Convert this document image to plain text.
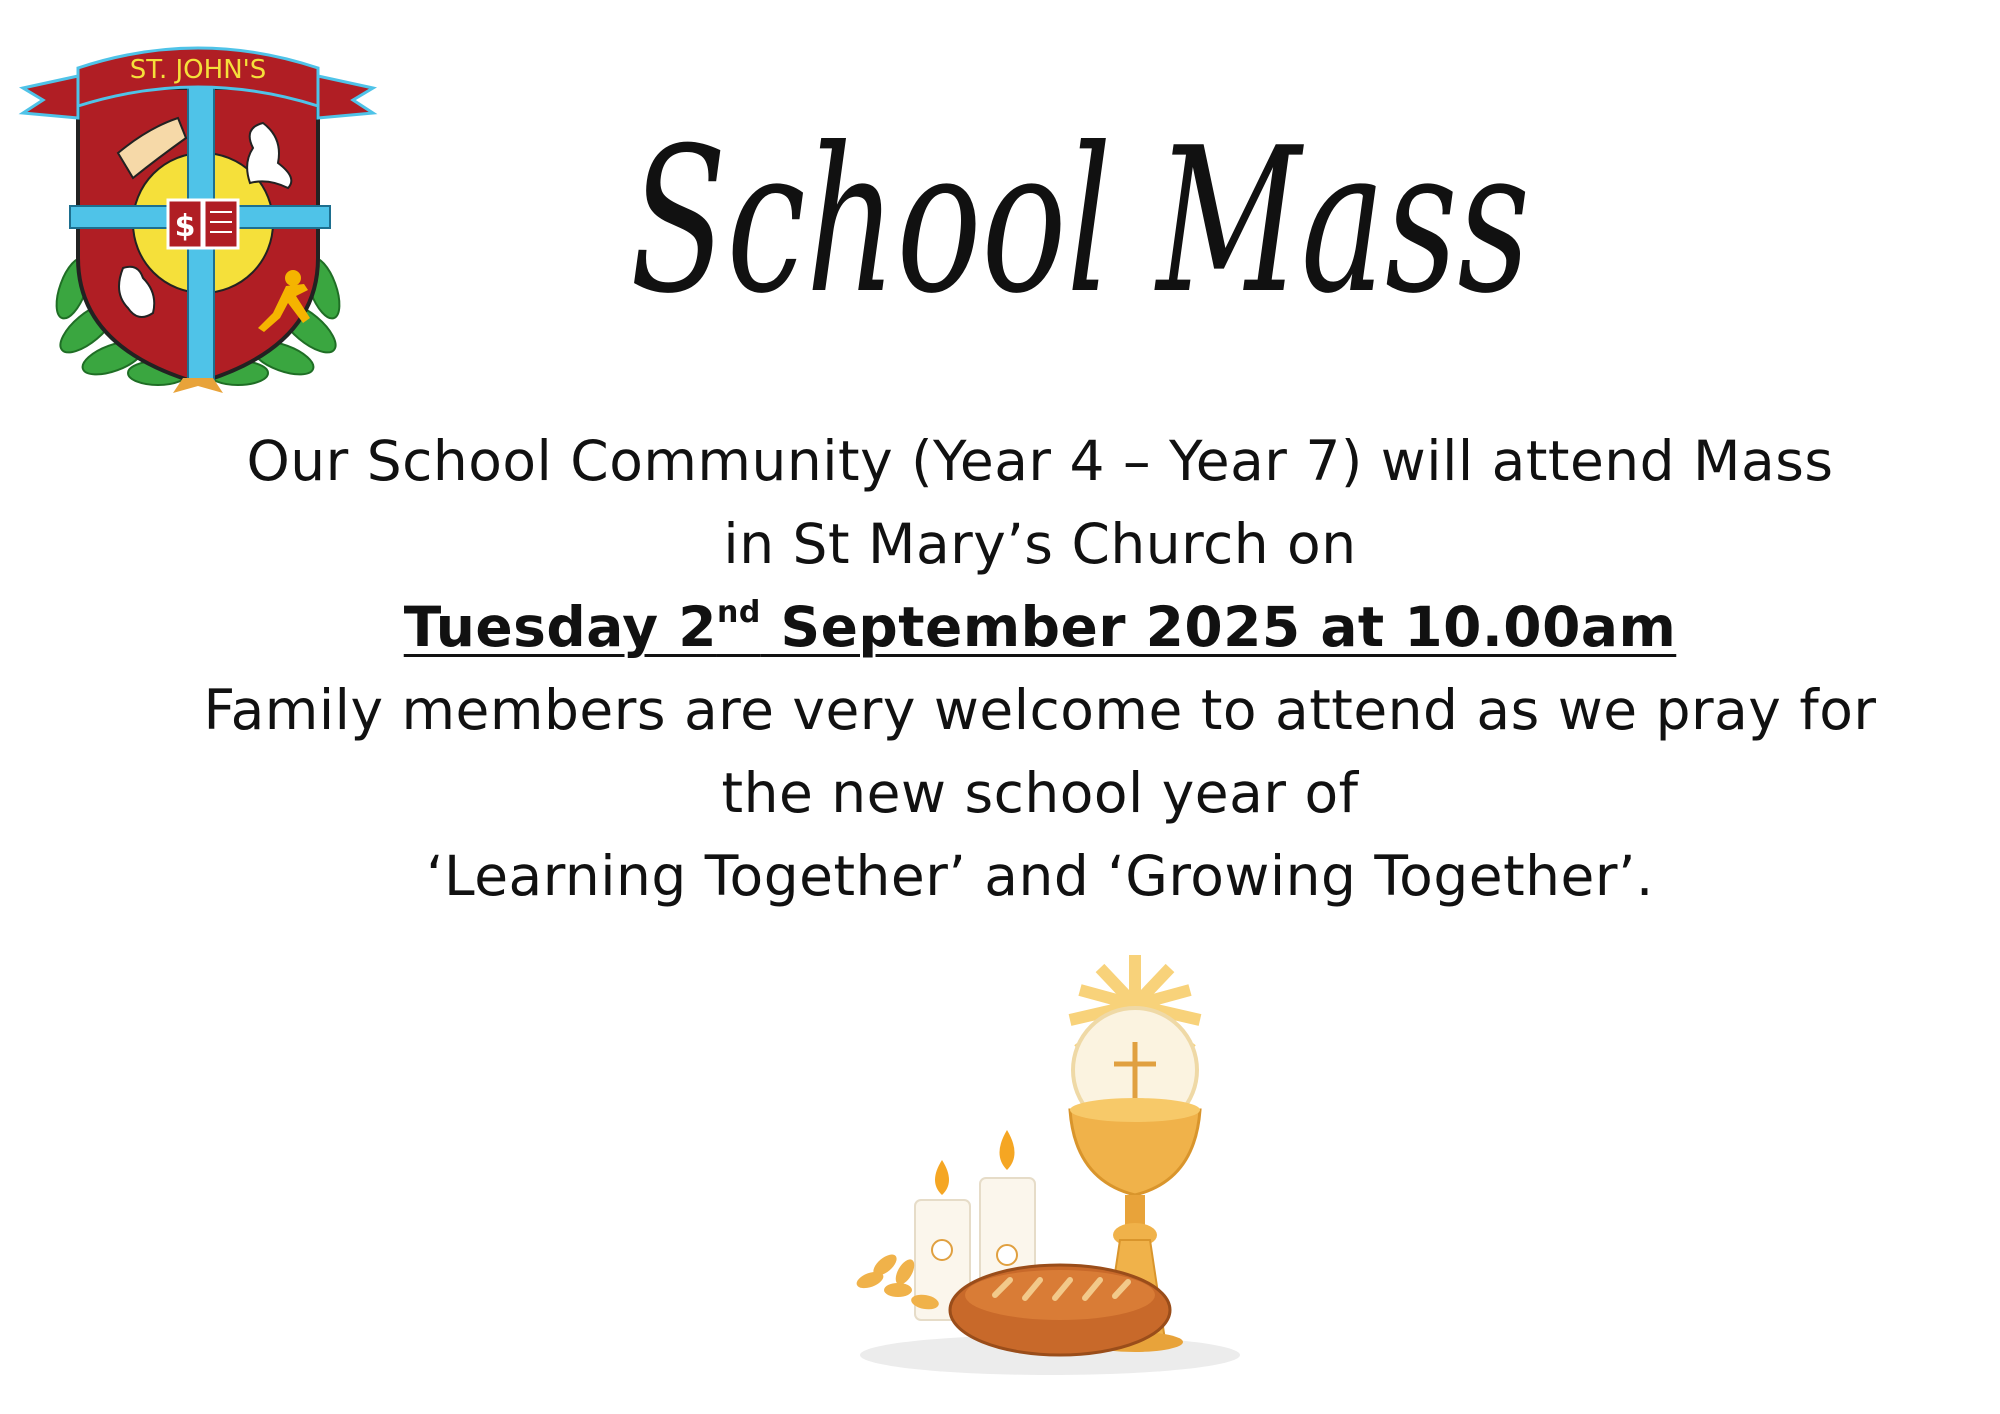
$
ST. JOHN'S
School Mass
Our School Community (Year 4 – Year 7) will attend Mass
in St Mary’s Church on
Tuesday 2nd September 2025 at 10.00am
Family members are very welcome to attend as we pray for
the new school year of
‘Learning Together’ and ‘Growing Together’.
